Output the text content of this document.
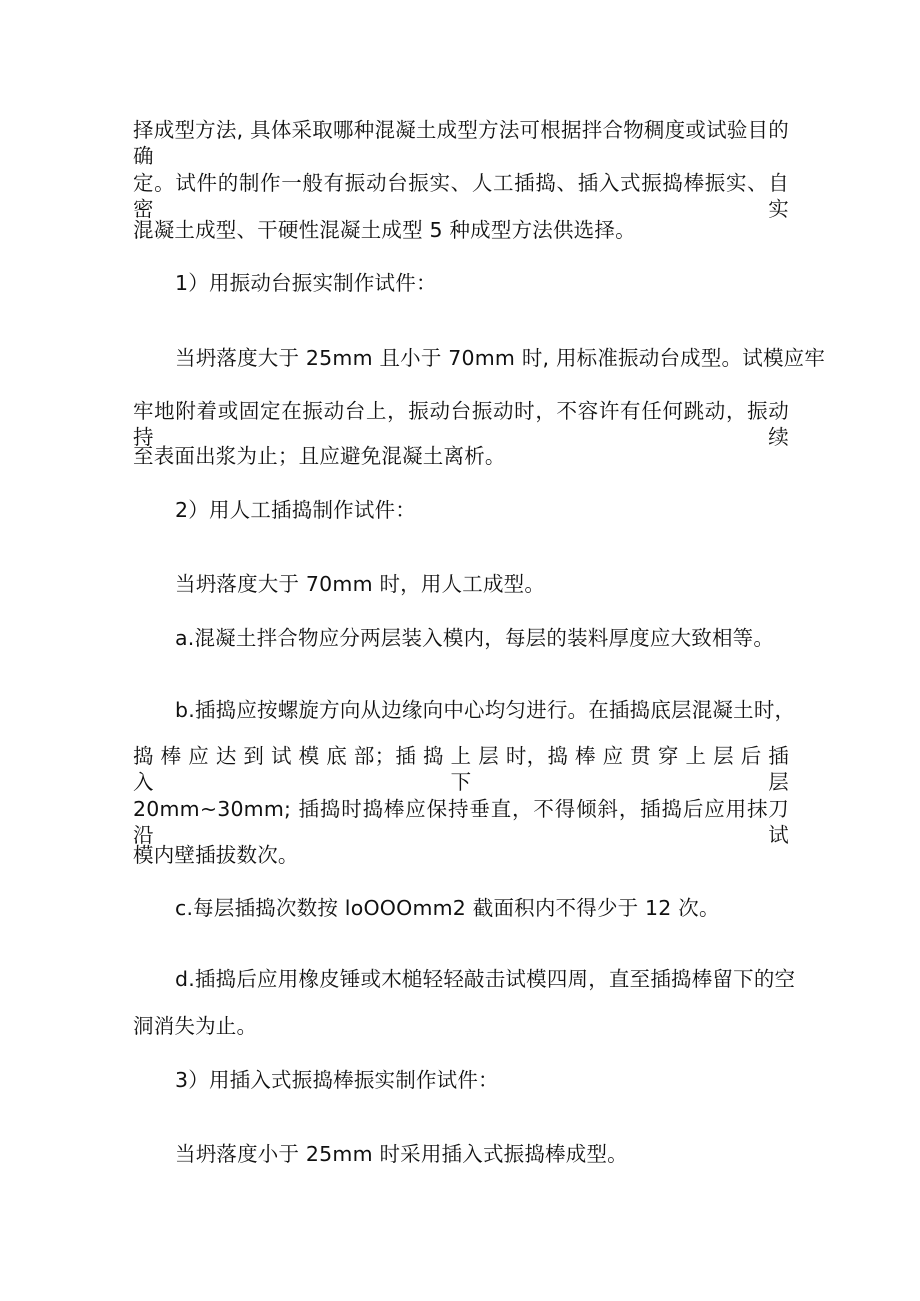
择成型方法, 具体采取哪种混凝土成型方法可根据拌合物稠度或试验目的确
定。试件的制作一般有振动台振实、人工插捣、插入式振捣棒振实、自密实
混凝土成型、干硬性混凝土成型 5 种成型方法供选择。
1）用振动台振实制作试件：
当坍落度大于 25mm 且小于 70mm 时, 用标准振动台成型。试模应牢
牢地附着或固定在振动台上，振动台振动时，不容许有任何跳动，振动持续
至表面出浆为止；且应避免混凝土离析。
2）用人工插捣制作试件：
当坍落度大于 70mm 时，用人工成型。
a.混凝土拌合物应分两层装入模内，每层的装料厚度应大致相等。
b.插捣应按螺旋方向从边缘向中心均匀进行。在插捣底层混凝土时，
捣 棒 应 达 到 试 模 底 部；插 捣 上 层 时，捣 棒 应 贯 穿 上 层 后 插 入 下 层
20mm~30mm; 插捣时捣棒应保持垂直，不得倾斜，插捣后应用抹刀沿试
模内壁插拔数次。
c.每层插捣次数按 loOOOmm2 截面积内不得少于 12 次。
d.插捣后应用橡皮锤或木槌轻轻敲击试模四周，直至插捣棒留下的空
洞消失为止。
3）用插入式振捣棒振实制作试件：
当坍落度小于 25mm 时采用插入式振捣棒成型。
